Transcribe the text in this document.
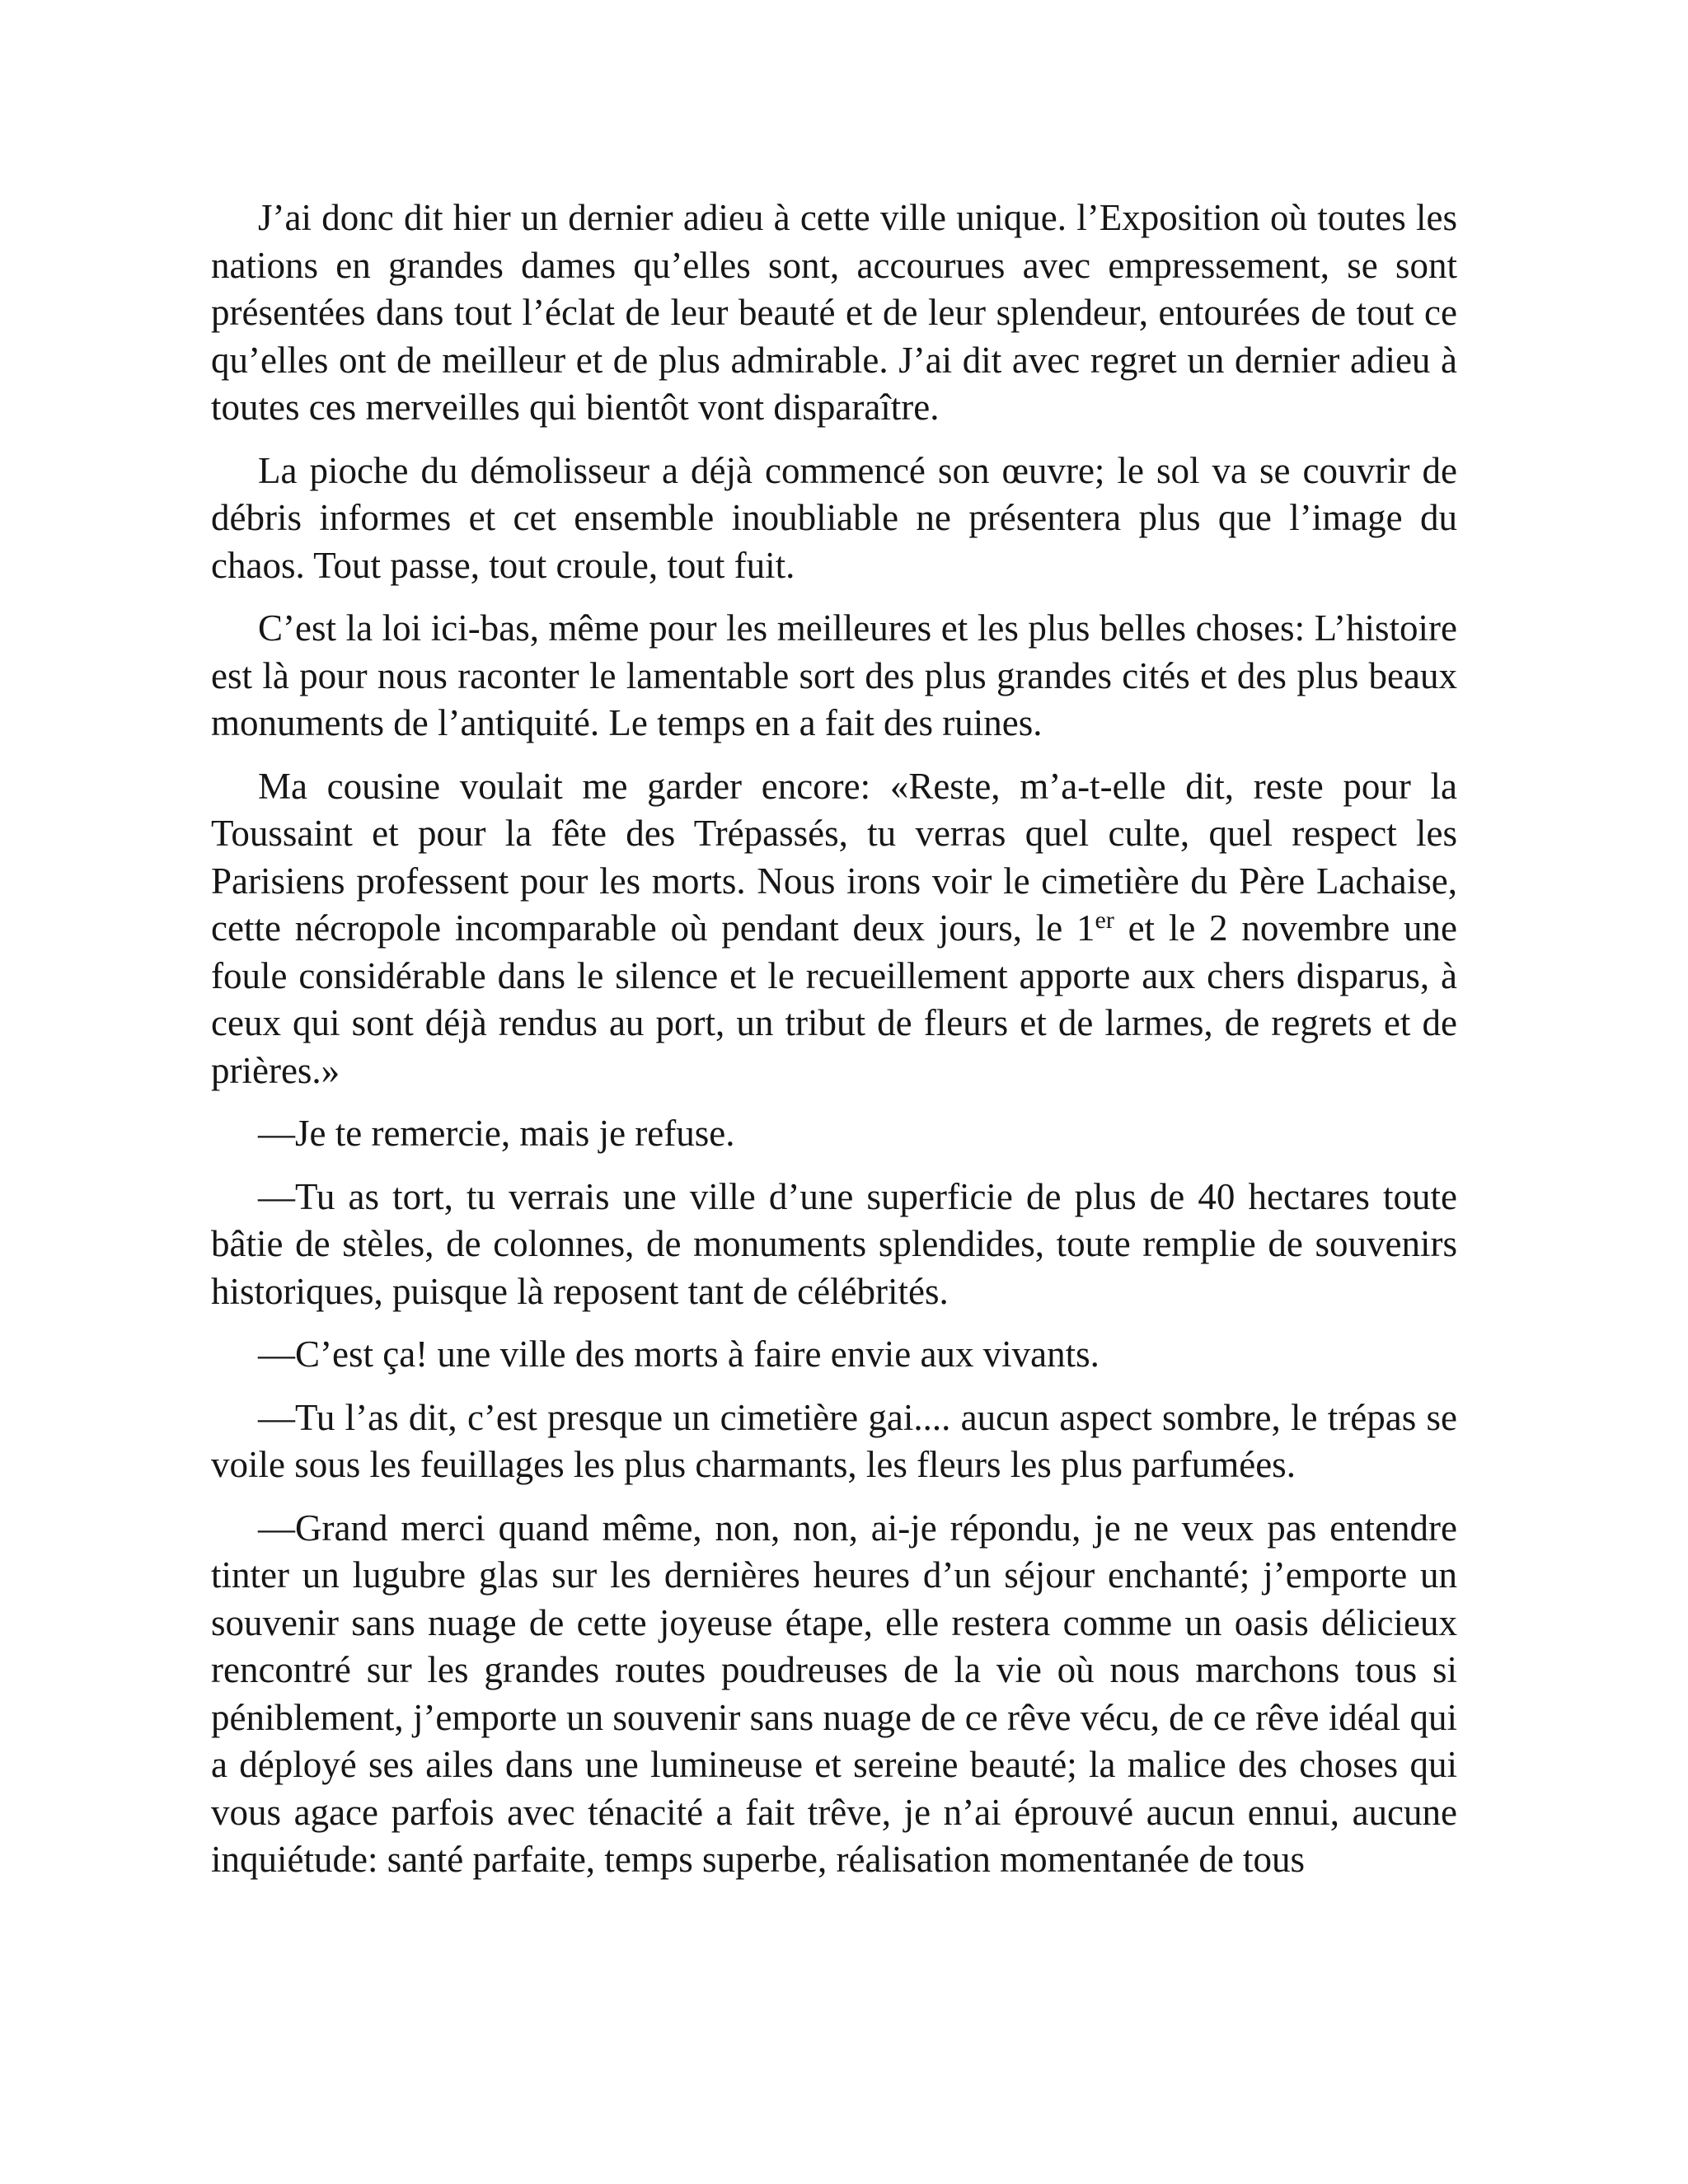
J’ai donc dit hier un dernier adieu à cette ville unique. l’Exposition où toutes les nations en grandes dames qu’elles sont, accourues avec empressement, se sont présentées dans tout l’éclat de leur beauté et de leur splendeur, entourées de tout ce qu’elles ont de meilleur et de plus admirable. J’ai dit avec regret un dernier adieu à toutes ces merveilles qui bientôt vont disparaître.

La pioche du démolisseur a déjà commencé son œuvre; le sol va se couvrir de débris informes et cet ensemble inoubliable ne présentera plus que l’image du chaos. Tout passe, tout croule, tout fuit.

C’est la loi ici-bas, même pour les meilleures et les plus belles choses: L’histoire est là pour nous raconter le lamentable sort des plus grandes cités et des plus beaux monuments de l’antiquité. Le temps en a fait des ruines.

Ma cousine voulait me garder encore: «Reste, m’a-t-elle dit, reste pour la Toussaint et pour la fête des Trépassés, tu verras quel culte, quel respect les Parisiens professent pour les morts. Nous irons voir le cimetière du Père Lachaise, cette nécropole incomparable où pendant deux jours, le 1er et le 2 novembre une foule considérable dans le silence et le recueillement apporte aux chers disparus, à ceux qui sont déjà rendus au port, un tribut de fleurs et de larmes, de regrets et de prières.»

—Je te remercie, mais je refuse.

—Tu as tort, tu verrais une ville d’une superficie de plus de 40 hectares toute bâtie de stèles, de colonnes, de monuments splendides, toute remplie de souvenirs historiques, puisque là reposent tant de célébrités.

—C’est ça! une ville des morts à faire envie aux vivants.

—Tu l’as dit, c’est presque un cimetière gai.... aucun aspect sombre, le trépas se voile sous les feuillages les plus charmants, les fleurs les plus parfumées.

—Grand merci quand même, non, non, ai-je répondu, je ne veux pas entendre tinter un lugubre glas sur les dernières heures d’un séjour enchanté; j’emporte un souvenir sans nuage de cette joyeuse étape, elle restera comme un oasis délicieux rencontré sur les grandes routes poudreuses de la vie où nous marchons tous si péniblement, j’emporte un souvenir sans nuage de ce rêve vécu, de ce rêve idéal qui a déployé ses ailes dans une lumineuse et sereine beauté; la malice des choses qui vous agace parfois avec ténacité a fait trêve, je n’ai éprouvé aucun ennui, aucune inquiétude: santé parfaite, temps superbe, réalisation momentanée de tous
